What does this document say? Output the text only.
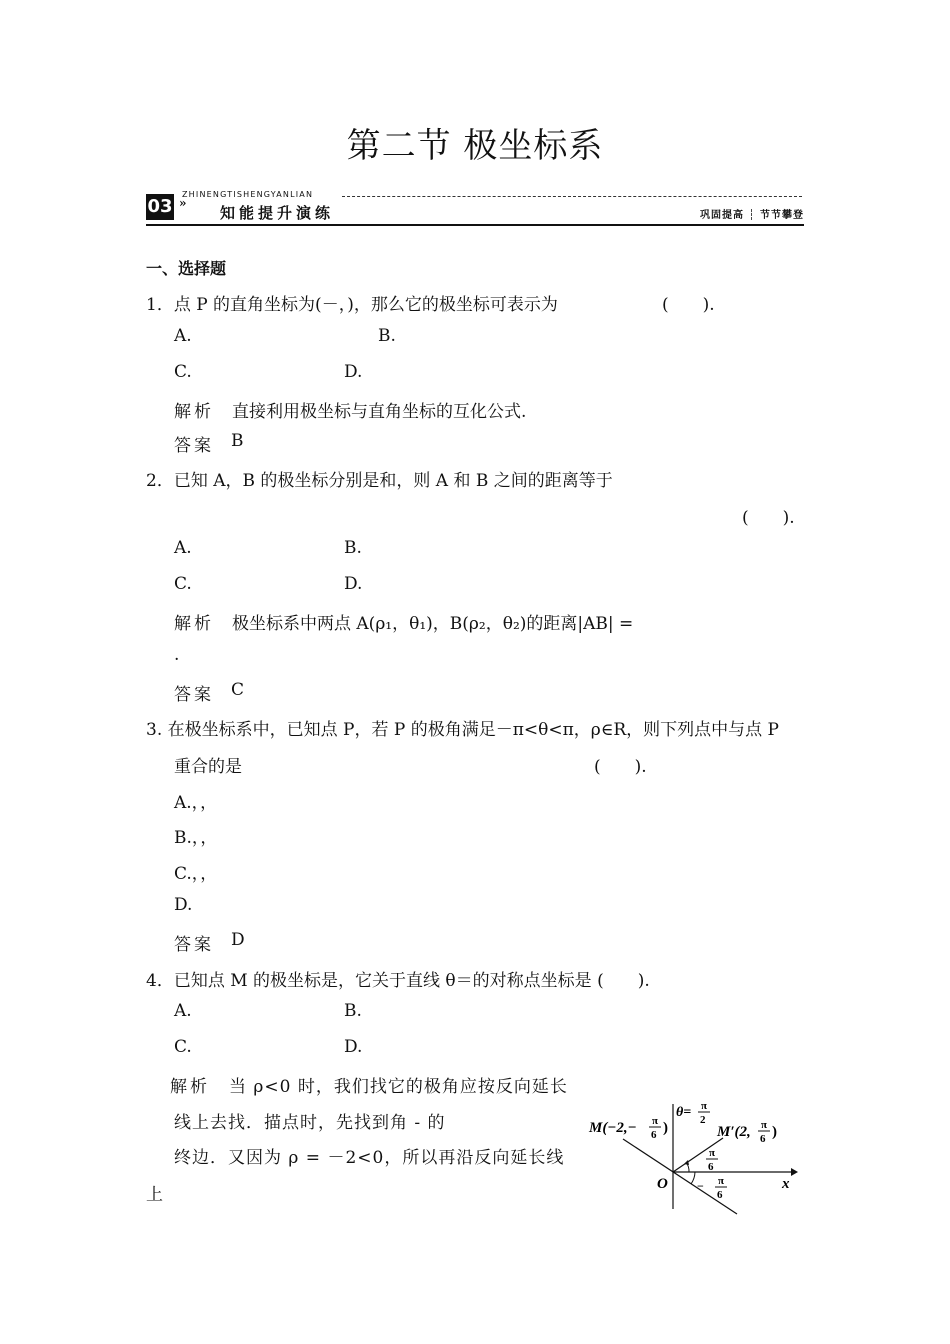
第二节 极坐标系
03
ZHINENGTISHENGYANLIAN
»
知能提升演练	巩固提高 ┆ 节节攀登
一、选择题
1．点 P 的直角坐标为(－，)，那么它的极坐标可表示为	(　　).
A.	B.
C.	D.
解析 直接利用极坐标与直角坐标的互化公式.
答案 B
2．已知 A，B 的极坐标分别是和，则 A 和 B 之间的距离等于
(　　).
A.	B.
C.	D.
解析 极坐标系中两点 A(ρ₁，θ₁)，B(ρ₂，θ₂)的距离|AB| =
.
答案 C
3. 在极坐标系中，已知点 P，若 P 的极角满足－π<θ<π，ρ∈R，则下列点中与点 P
重合的是	(　　).
A.，，
B.，，
C.，，
D.
答案 D
4．已知点 M 的极坐标是，它关于直线 θ＝的对称点坐标是 (　　).
A.	B.
C.	D.
解析 当 ρ<0 时，我们找它的极角应按反向延长
线上去找．描点时，先找到角 - 的
终边．又因为 ρ = －2<0，所以再沿反向延长线
上
M(−2,− π
6 )
θ= π
2
M′(2, π
6 )
π
6
− π
6
O	x
